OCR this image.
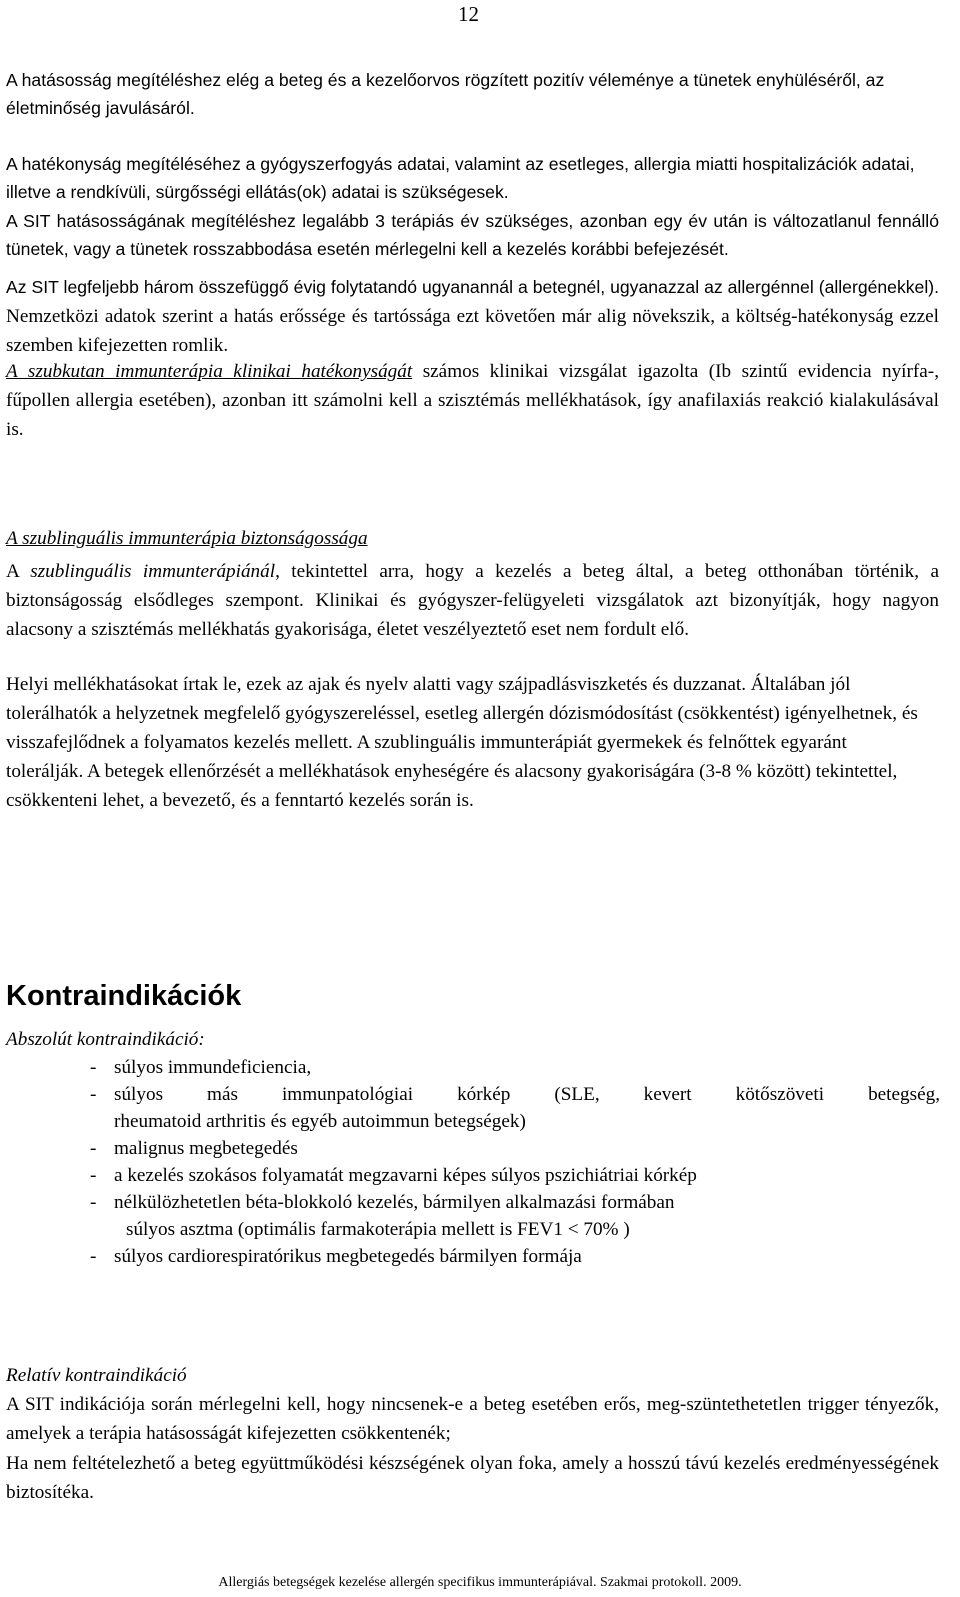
12
A hatásosság megítéléshez elég a beteg és a kezelőorvos rögzített pozitív véleménye a tünetek enyhüléséről, az életminőség javulásáról.
A hatékonyság megítéléséhez a gyógyszerfogyás adatai, valamint az esetleges, allergia miatti hospitalizációk adatai, illetve a rendkívüli, sürgősségi ellátás(ok) adatai is szükségesek.
A SIT hatásosságának megítéléshez legalább 3 terápiás év szükséges, azonban egy év után is változatlanul fennálló tünetek, vagy a tünetek rosszabbodása esetén mérlegelni kell a kezelés korábbi befejezését.
Az SIT legfeljebb három összefüggő évig folytatandó ugyanannál a betegnél, ugyanazzal az allergénnel (allergénekkel). Nemzetközi adatok szerint a hatás erőssége és tartóssága ezt követően már alig növekszik, a költség-hatékonyság ezzel szemben kifejezetten romlik.
A szubkutan immunterápia klinikai hatékonyságát számos klinikai vizsgálat igazolta (Ib szintű evidencia nyírfa-, fűpollen allergia esetében), azonban itt számolni kell a szisztémás mellékhatások, így anafilaxiás reakció kialakulásával is.
A szublinguális immunterápia biztonságossága
A szublinguális immunterápiánál, tekintettel arra, hogy a kezelés a beteg által, a beteg otthonában történik, a biztonságosság elsődleges szempont. Klinikai és gyógyszer-felügyeleti vizsgálatok azt bizonyítják, hogy nagyon alacsony a szisztémás mellékhatás gyakorisága, életet veszélyeztető eset nem fordult elő.
Helyi mellékhatásokat írtak le, ezek az ajak és nyelv alatti vagy szájpadlásviszketés és duzzanat. Általában jól tolerálhatók a helyzetnek megfelelő gyógyszereléssel, esetleg allergén dózismódosítást (csökkentést) igényelhetnek, és visszafejlődnek a folyamatos kezelés mellett. A szublinguális immunterápiát gyermekek és felnőttek egyaránt tolerálják. A betegek ellenőrzését a mellékhatások enyheségére és alacsony gyakoriságára (3-8 % között) tekintettel, csökkenteni lehet, a bevezető, és a fenntartó kezelés során is.
Kontraindikációk
Abszolút kontraindikáció:
- súlyos immundeficiencia,
- súlyos más immunpatológiai kórkép (SLE, kevert kötőszöveti betegség,
rheumatoid arthritis és egyéb autoimmun betegségek)
- malignus megbetegedés
- a kezelés szokásos folyamatát megzavarni képes súlyos pszichiátriai kórkép
- nélkülözhetetlen béta-blokkoló kezelés, bármilyen alkalmazási formában
súlyos asztma (optimális farmakoterápia mellett is FEV1 < 70% )
- súlyos cardiorespiratórikus megbetegedés bármilyen formája
Relatív kontraindikáció
A SIT indikációja során mérlegelni kell, hogy nincsenek-e a beteg esetében erős, meg-szüntethetetlen trigger tényezők, amelyek a terápia hatásosságát kifejezetten csökkentenék;
Ha nem feltételezhető a beteg együttműködési készségének olyan foka, amely a hosszú távú kezelés eredményességének biztosítéka.
Allergiás betegségek kezelése allergén specifikus immunterápiával. Szakmai protokoll. 2009.
